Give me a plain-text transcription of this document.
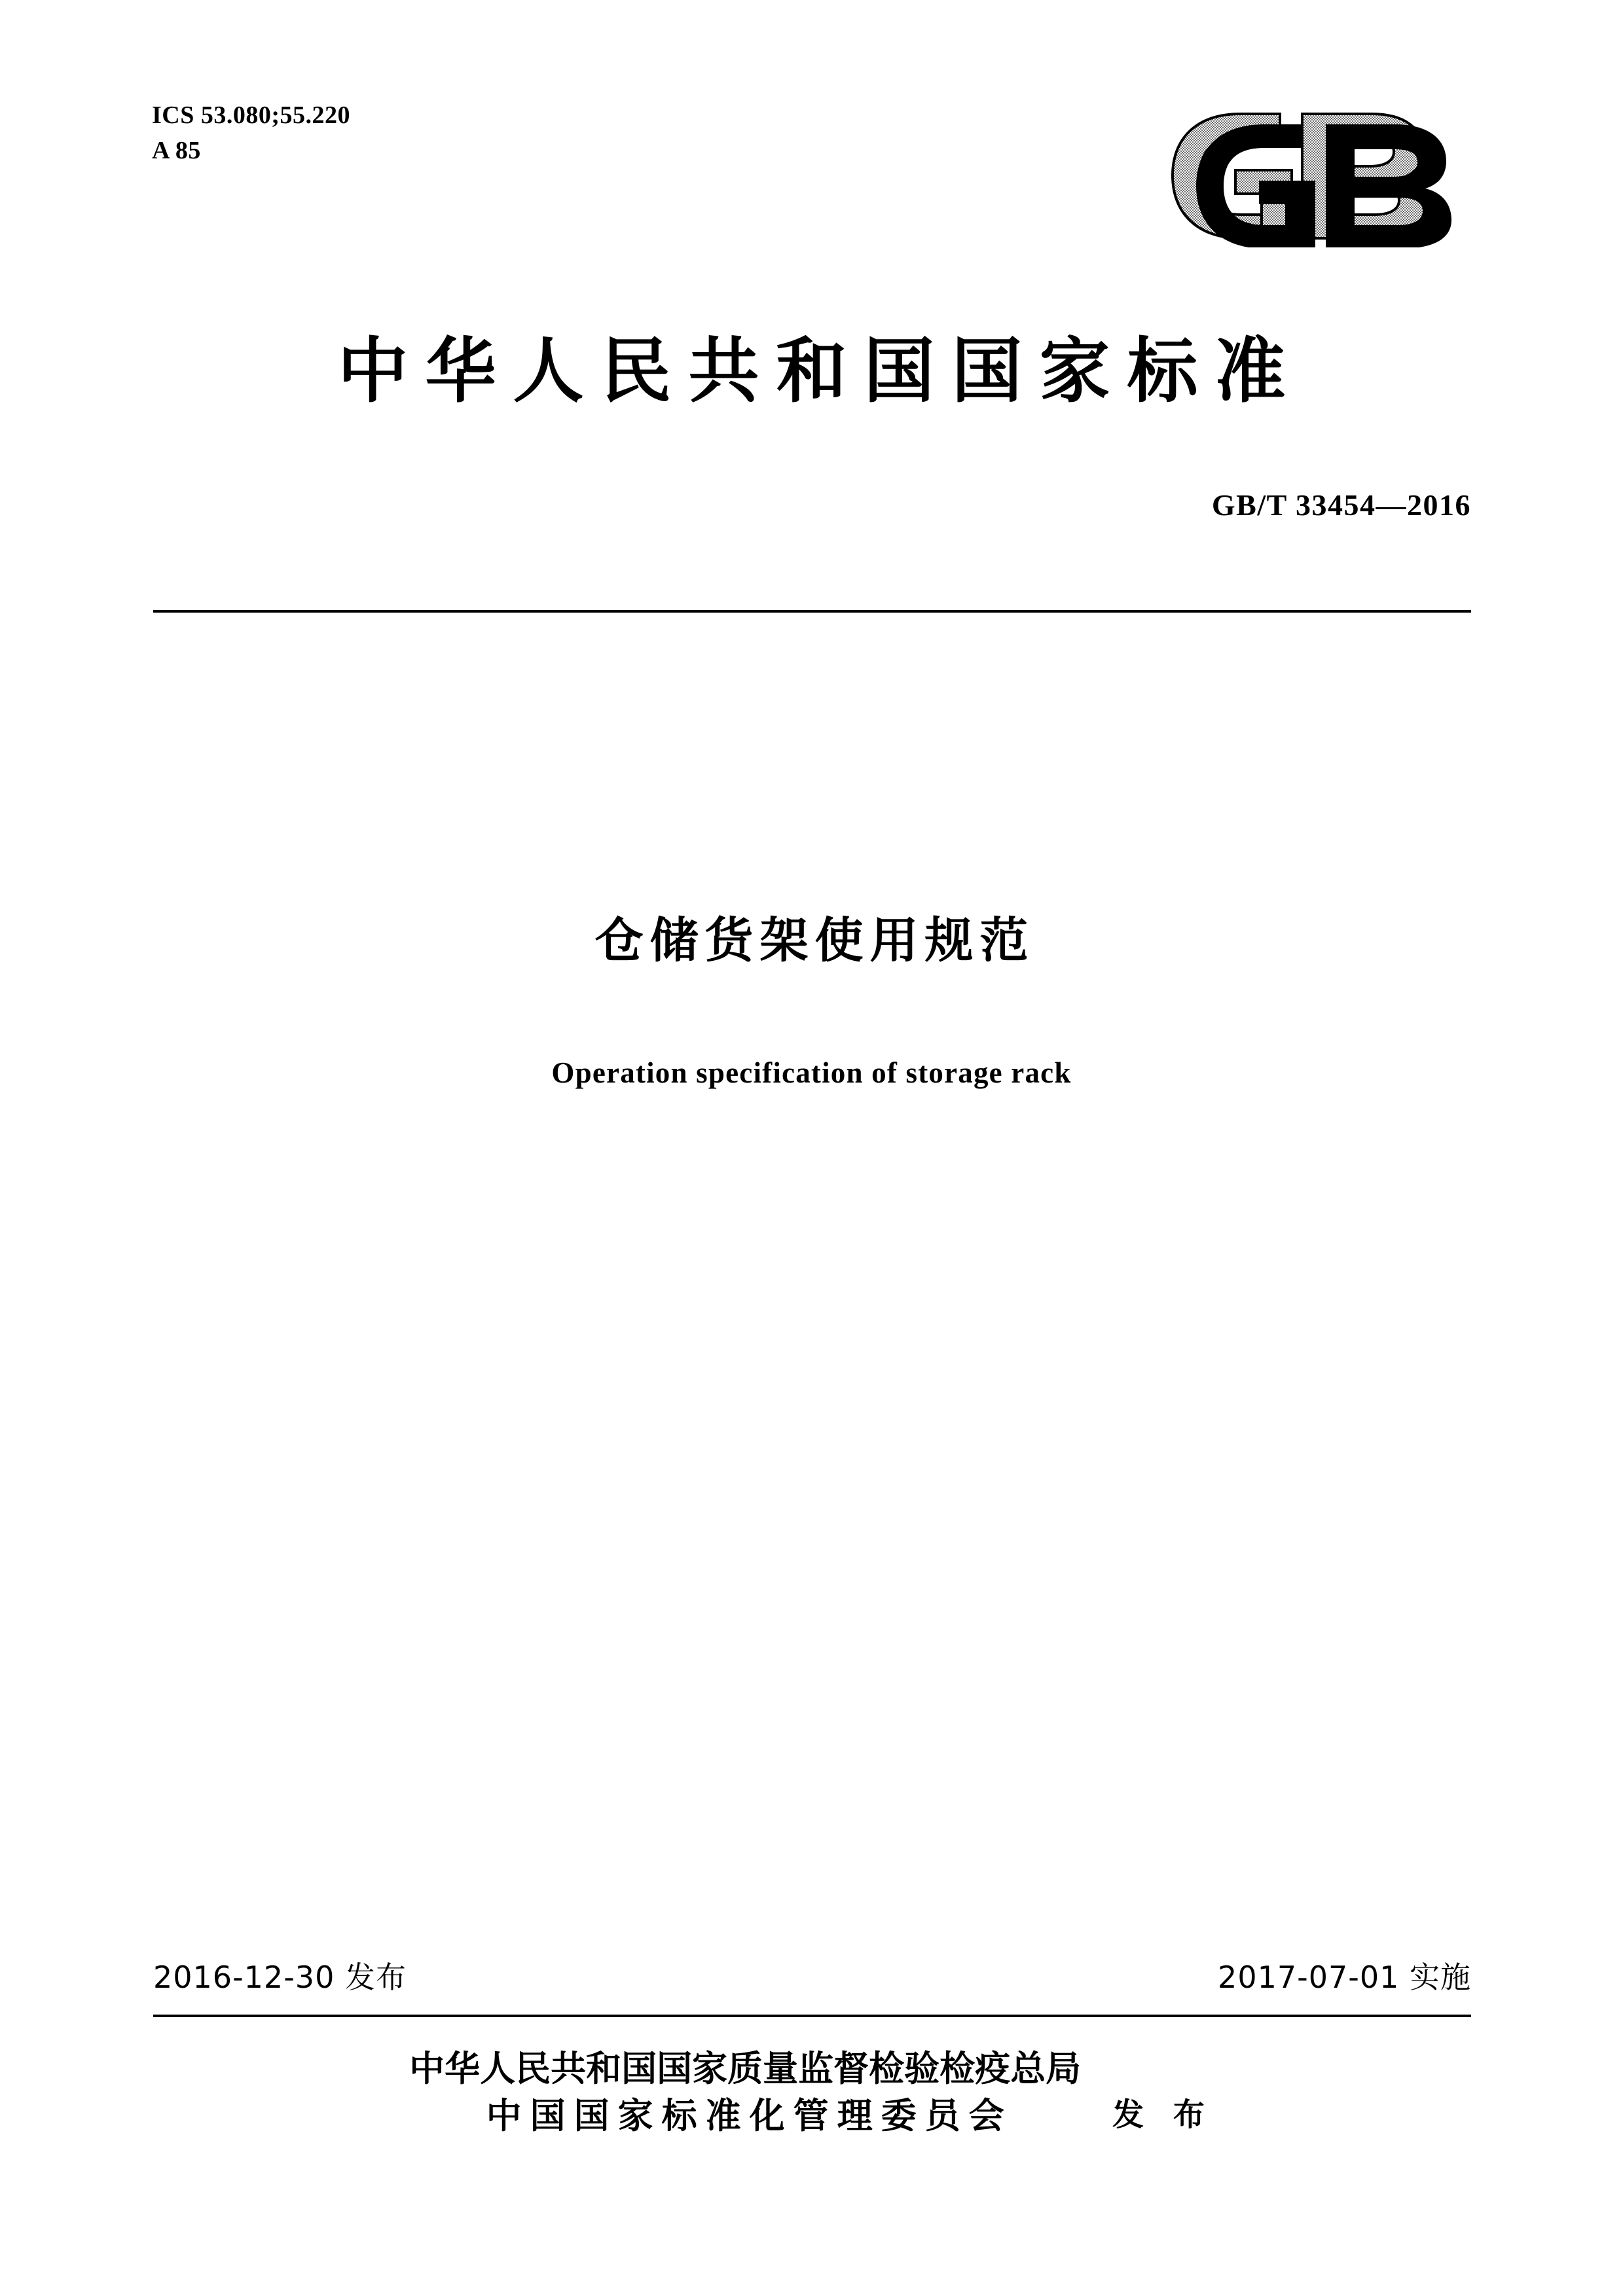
ICS 53.080;55.220
A 85
中华人民共和国国家标准
GB/T 33454—2016
仓储货架使用规范
Operation specification of storage rack
2016-12-30 发布	2017-07-01 实施
中华人民共和国国家质量监督检验检疫总局
中国国家标准化管理委员会	发 布
